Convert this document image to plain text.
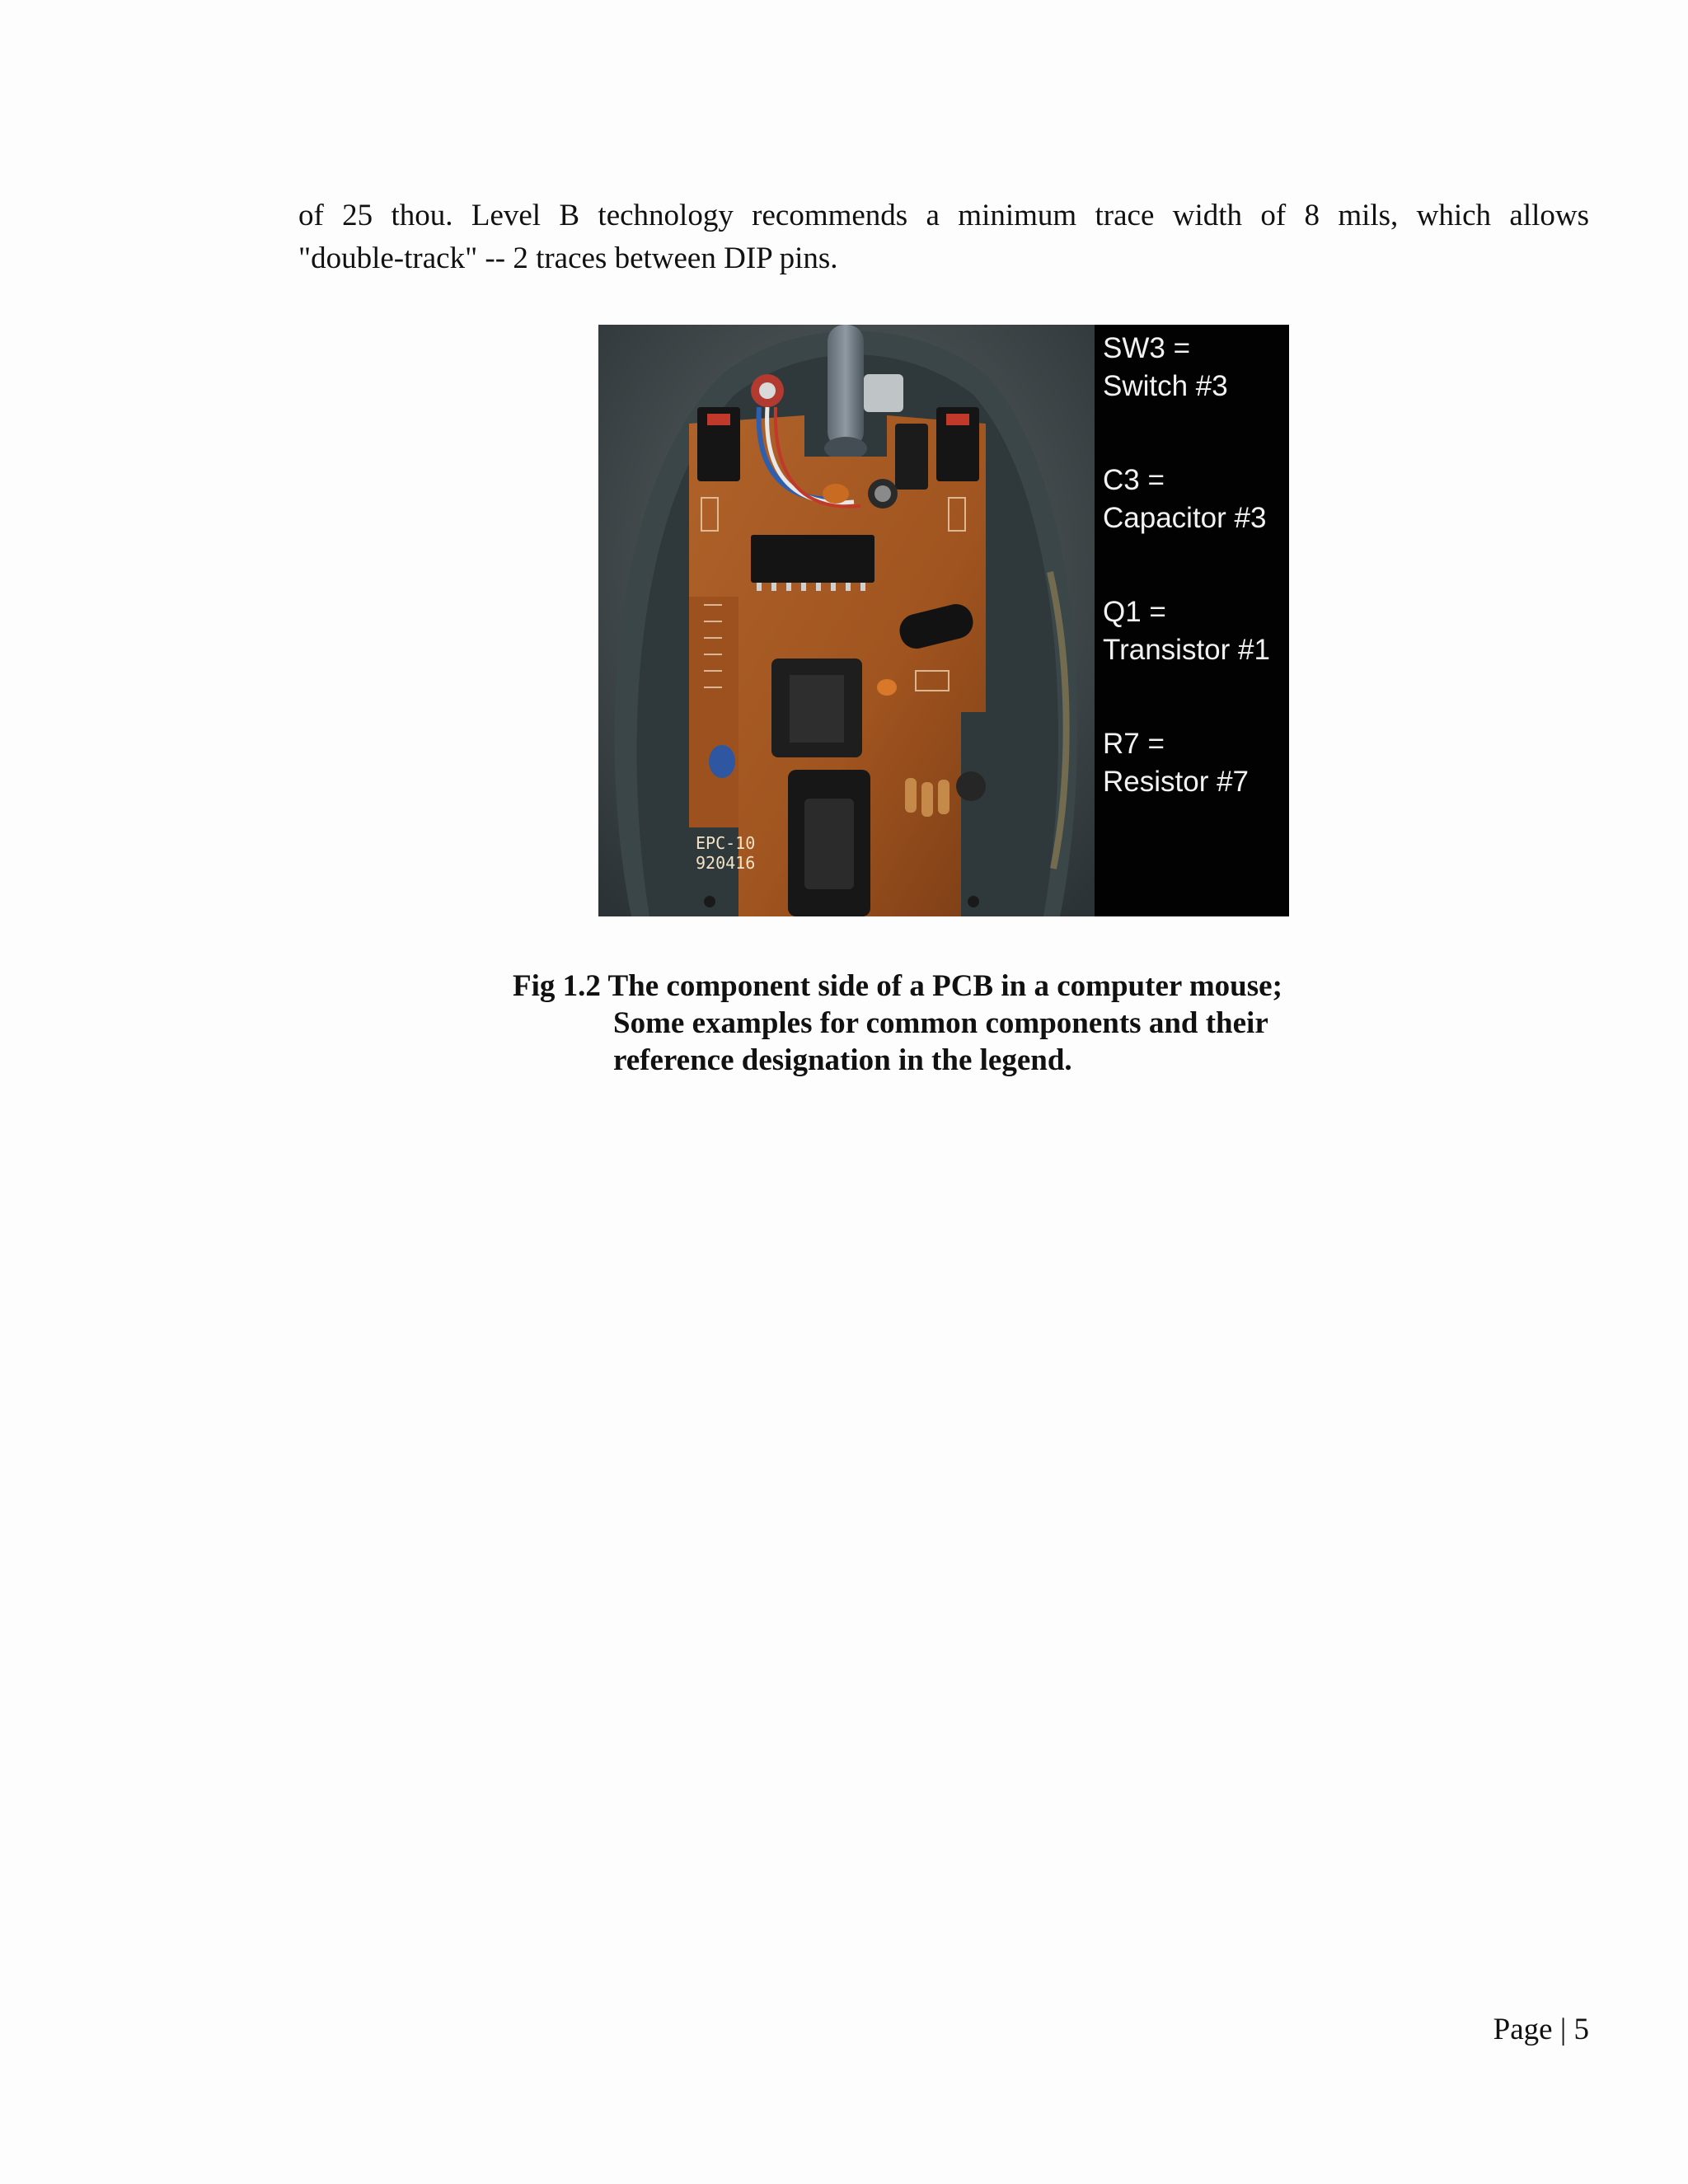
of 25 thou. Level B technology recommends a minimum trace width of 8 mils, which allows
"double-track" -- 2 traces between DIP pins.

EPC-10
920416
SW3 =
Switch #3
C3 =
Capacitor #3
Q1 =
Transistor #1
R7 =
Resistor #7

Fig 1.2 The component side of a PCB in a computer mouse;
Some examples for common components and their
reference designation in the legend.

Page | 5
